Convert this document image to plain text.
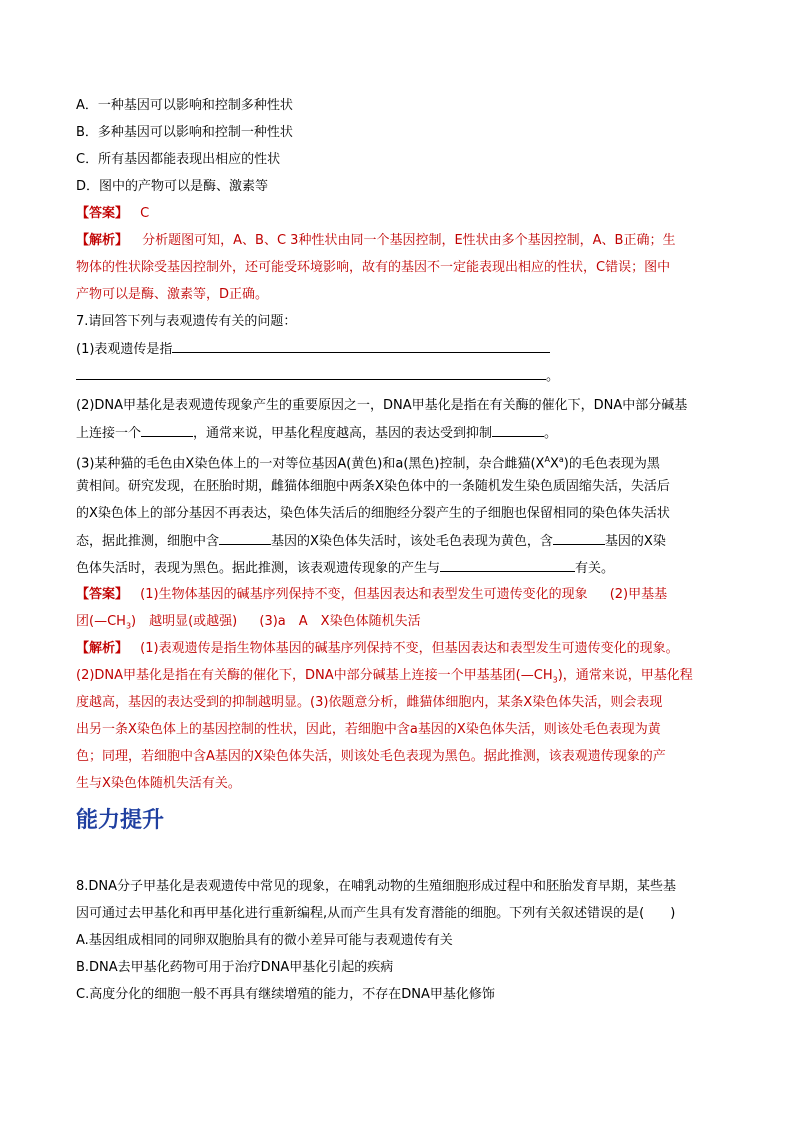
A．一种基因可以影响和控制多种性状
B．多种基因可以影响和控制一种性状
C．所有基因都能表现出相应的性状
D．图中的产物可以是酶、激素等
【答案】 C
【解析】 分析题图可知，A、B、C 3种性状由同一个基因控制，E性状由多个基因控制，A、B正确；生
物体的性状除受基因控制外，还可能受环境影响，故有的基因不一定能表现出相应的性状，C错误；图中
产物可以是酶、激素等，D正确。
7.请回答下列与表观遗传有关的问题：
(1)表观遗传是指
。
(2)DNA甲基化是表观遗传现象产生的重要原因之一，DNA甲基化是指在有关酶的催化下，DNA中部分碱基
上连接一个	，通常来说，甲基化程度越高，基因的表达受到抑制	。
(3)某种猫的毛色由X染色体上的一对等位基因A(黄色)和a(黑色)控制，杂合雌猫$(X^AX^a)$的毛色表现为黑
黄相间。研究发现，在胚胎时期，雌猫体细胞中两条X染色体中的一条随机发生染色质固缩失活，失活后
的X染色体上的部分基因不再表达，染色体失活后的细胞经分裂产生的子细胞也保留相同的染色体失活状
态，据此推测，细胞中含	基因的X染色体失活时，该处毛色表现为黄色，含	基因的X染
色体失活时，表现为黑色。据此推测，该表观遗传现象的产生与	有关。
【答案】 (1)生物体基因的碱基序列保持不变，但基因表达和表型发生可遗传变化的现象 (2)甲基基
团$(—CH_3)$　越明显(或越强) (3)a　A　X染色体随机失活
【解析】 (1)表观遗传是指生物体基因的碱基序列保持不变，但基因表达和表型发生可遗传变化的现象。
(2)DNA甲基化是指在有关酶的催化下，DNA中部分碱基上连接一个甲基基团$(—CH_3)$，通常来说，甲基化程
度越高，基因的表达受到的抑制越明显。(3)依题意分析，雌猫体细胞内，某条X染色体失活，则会表现
出另一条X染色体上的基因控制的性状，因此，若细胞中含a基因的X染色体失活，则该处毛色表现为黄
色；同理，若细胞中含A基因的X染色体失活，则该处毛色表现为黑色。据此推测，该表观遗传现象的产
生与X染色体随机失活有关。
能力提升
8.DNA分子甲基化是表观遗传中常见的现象，在哺乳动物的生殖细胞形成过程中和胚胎发育早期，某些基
因可通过去甲基化和再甲基化进行重新编程,从而产生具有发育潜能的细胞。下列有关叙述错误的是(　　)
A.基因组成相同的同卵双胞胎具有的微小差异可能与表观遗传有关
B.DNA去甲基化药物可用于治疗DNA甲基化引起的疾病
C.高度分化的细胞一般不再具有继续增殖的能力，不存在DNA甲基化修饰
